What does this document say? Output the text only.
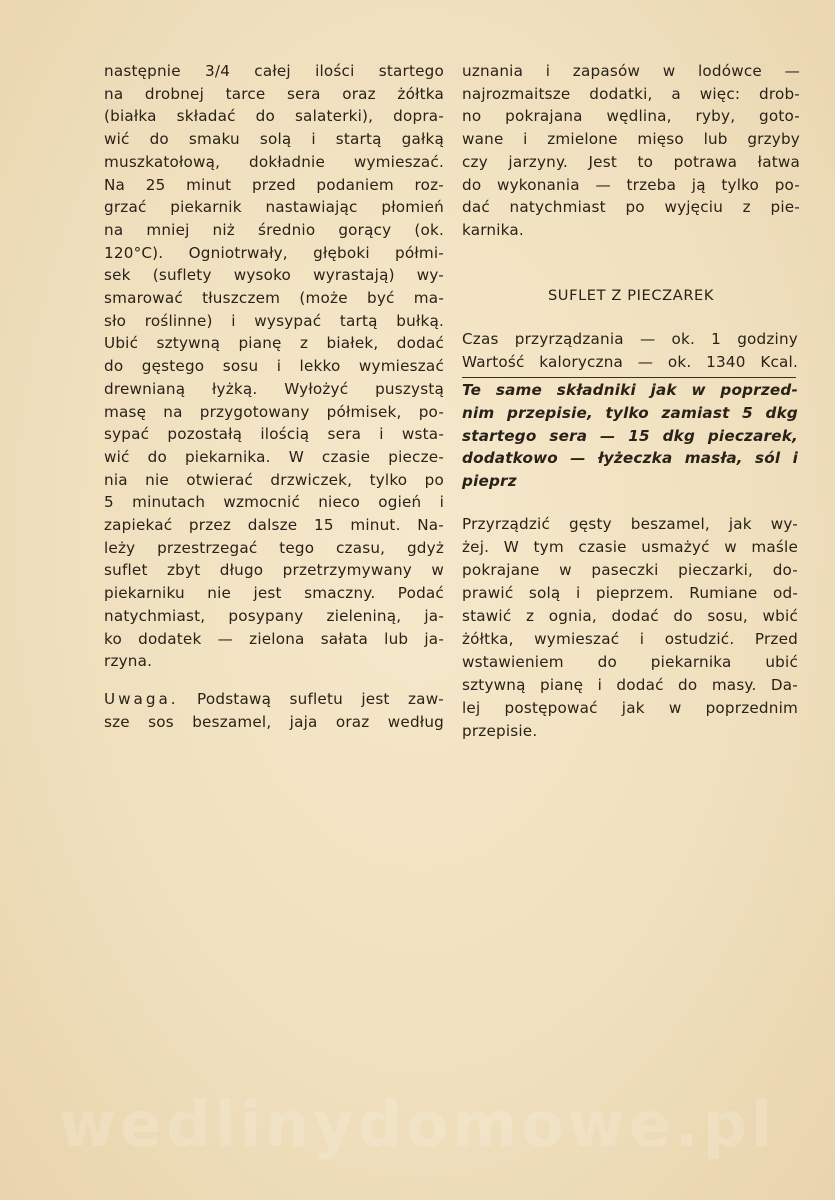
następnie 3/4 całej ilości startego
na drobnej tarce sera oraz żółtka
(białka składać do salaterki), dopra-
wić do smaku solą i startą gałką
muszkatołową, dokładnie wymieszać.
Na 25 minut przed podaniem roz-
grzać piekarnik nastawiając płomień
na mniej niż średnio gorący (ok.
120°C). Ogniotrwały, głęboki półmi-
sek (suflety wysoko wyrastają) wy-
smarować tłuszczem (może być ma-
sło roślinne) i wysypać tartą bułką.
Ubić sztywną pianę z białek, dodać
do gęstego sosu i lekko wymieszać
drewnianą łyżką. Wyłożyć puszystą
masę na przygotowany półmisek, po-
sypać pozostałą ilością sera i wsta-
wić do piekarnika. W czasie piecze-
nia nie otwierać drzwiczek, tylko po
5 minutach wzmocnić nieco ogień i
zapiekać przez dalsze 15 minut. Na-
leży przestrzegać tego czasu, gdyż
suflet zbyt długo przetrzymywany w
piekarniku nie jest smaczny. Podać
natychmiast, posypany zieleniną, ja-
ko dodatek — zielona sałata lub ja-
rzyna.
Uwaga. Podstawą sufletu jest zaw-
sze sos beszamel, jaja oraz według
uznania i zapasów w lodówce —
najrozmaitsze dodatki, a więc: drob-
no pokrajana wędlina, ryby, goto-
wane i zmielone mięso lub grzyby
czy jarzyny. Jest to potrawa łatwa
do wykonania — trzeba ją tylko po-
dać natychmiast po wyjęciu z pie-
karnika.
SUFLET Z PIECZAREK
Czas przyrządzania — ok. 1 godziny
Wartość kaloryczna — ok. 1340 Kcal.
Te same składniki jak w poprzed-
nim przepisie, tylko zamiast 5 dkg
startego sera — 15 dkg pieczarek,
dodatkowo — łyżeczka masła, sól i
pieprz
Przyrządzić gęsty beszamel, jak wy-
żej. W tym czasie usmażyć w maśle
pokrajane w paseczki pieczarki, do-
prawić solą i pieprzem. Rumiane od-
stawić z ognia, dodać do sosu, wbić
żółtka, wymieszać i ostudzić. Przed
wstawieniem do piekarnika ubić
sztywną pianę i dodać do masy. Da-
lej postępować jak w poprzednim
przepisie.
wedlinydomowe.pl
